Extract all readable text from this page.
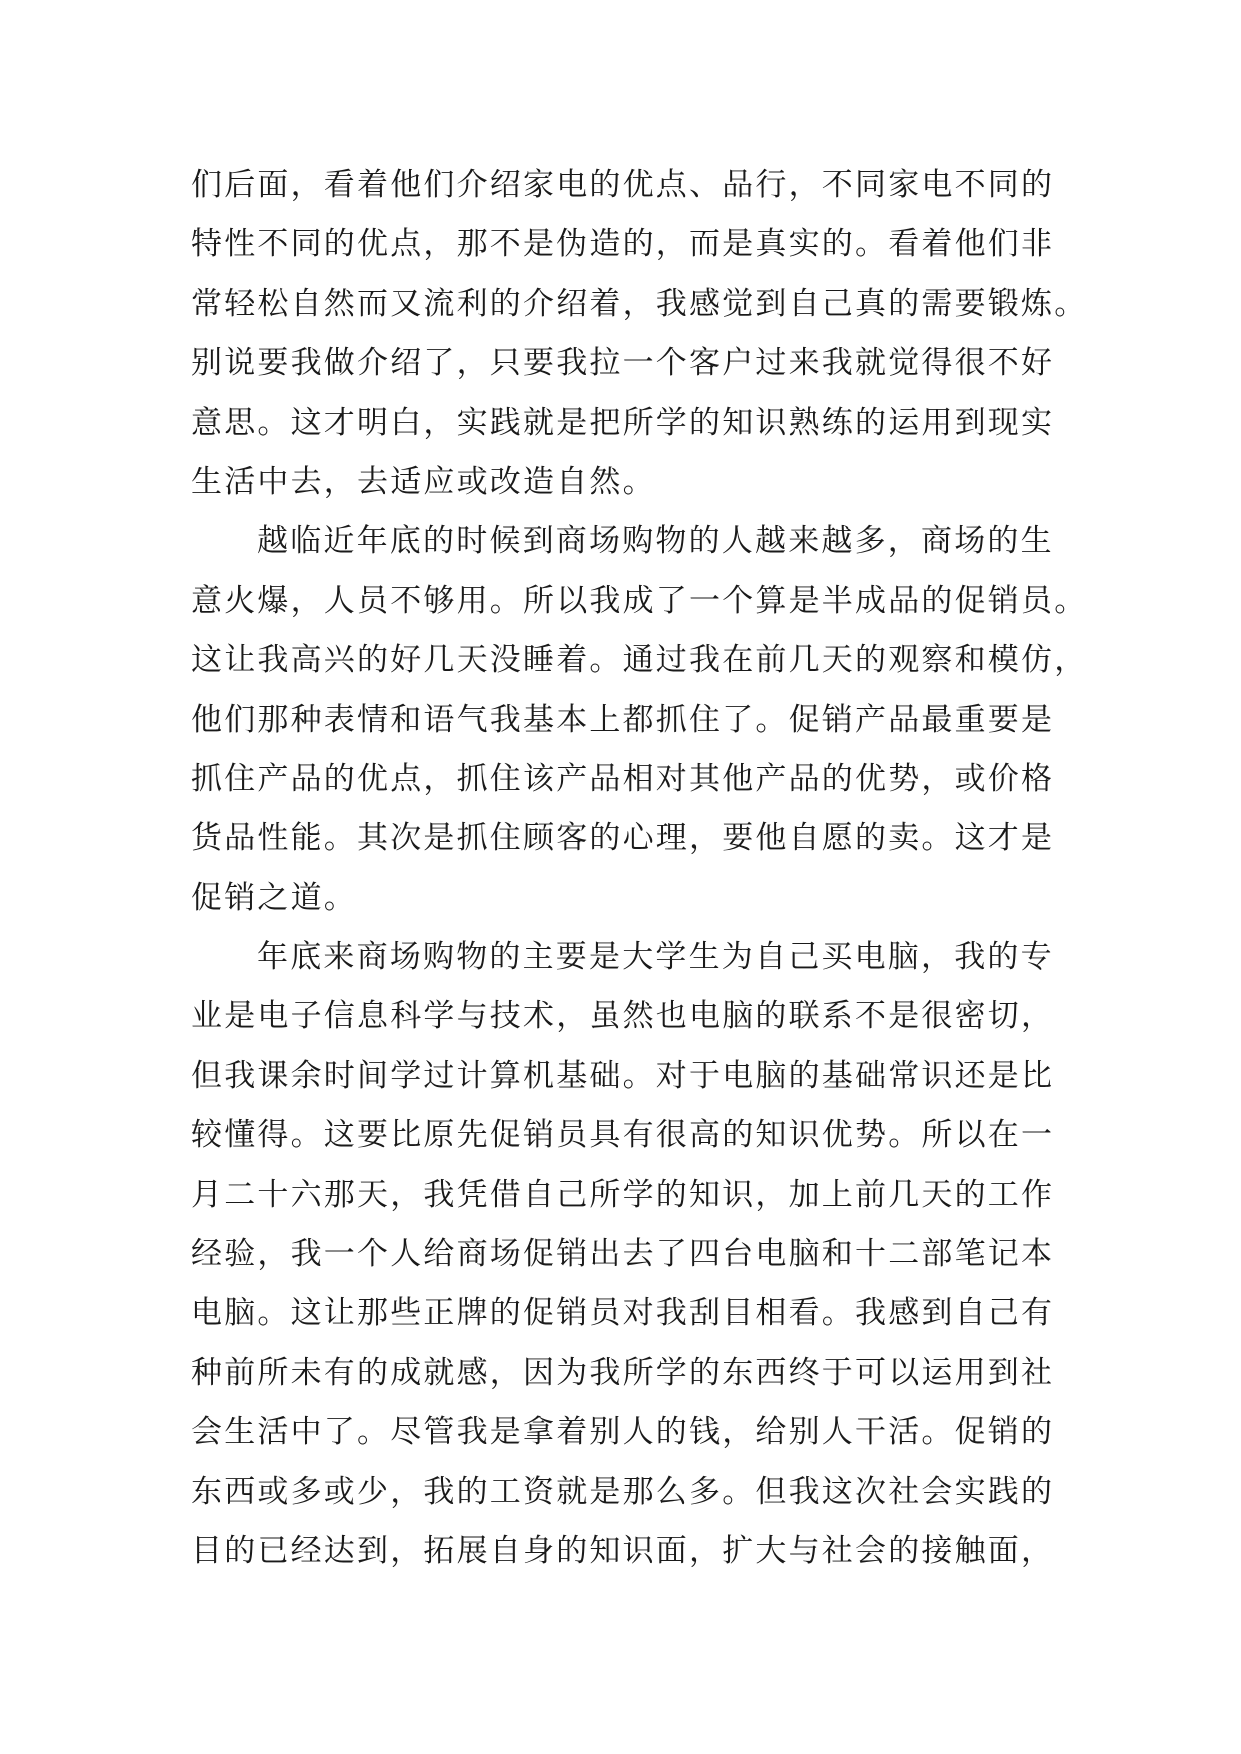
们后面，看着他们介绍家电的优点、品行，不同家电不同的
特性不同的优点，那不是伪造的，而是真实的。看着他们非
常轻松自然而又流利的介绍着，我感觉到自己真的需要锻炼。
别说要我做介绍了，只要我拉一个客户过来我就觉得很不好
意思。这才明白，实践就是把所学的知识熟练的运用到现实
生活中去，去适应或改造自然。
越临近年底的时候到商场购物的人越来越多，商场的生
意火爆，人员不够用。所以我成了一个算是半成品的促销员。
这让我高兴的好几天没睡着。通过我在前几天的观察和模仿，
他们那种表情和语气我基本上都抓住了。促销产品最重要是
抓住产品的优点，抓住该产品相对其他产品的优势，或价格
货品性能。其次是抓住顾客的心理，要他自愿的卖。这才是
促销之道。
年底来商场购物的主要是大学生为自己买电脑，我的专
业是电子信息科学与技术，虽然也电脑的联系不是很密切，
但我课余时间学过计算机基础。对于电脑的基础常识还是比
较懂得。这要比原先促销员具有很高的知识优势。所以在一
月二十六那天，我凭借自己所学的知识，加上前几天的工作
经验，我一个人给商场促销出去了四台电脑和十二部笔记本
电脑。这让那些正牌的促销员对我刮目相看。我感到自己有
种前所未有的成就感，因为我所学的东西终于可以运用到社
会生活中了。尽管我是拿着别人的钱，给别人干活。促销的
东西或多或少，我的工资就是那么多。但我这次社会实践的
目的已经达到，拓展自身的知识面，扩大与社会的接触面，
